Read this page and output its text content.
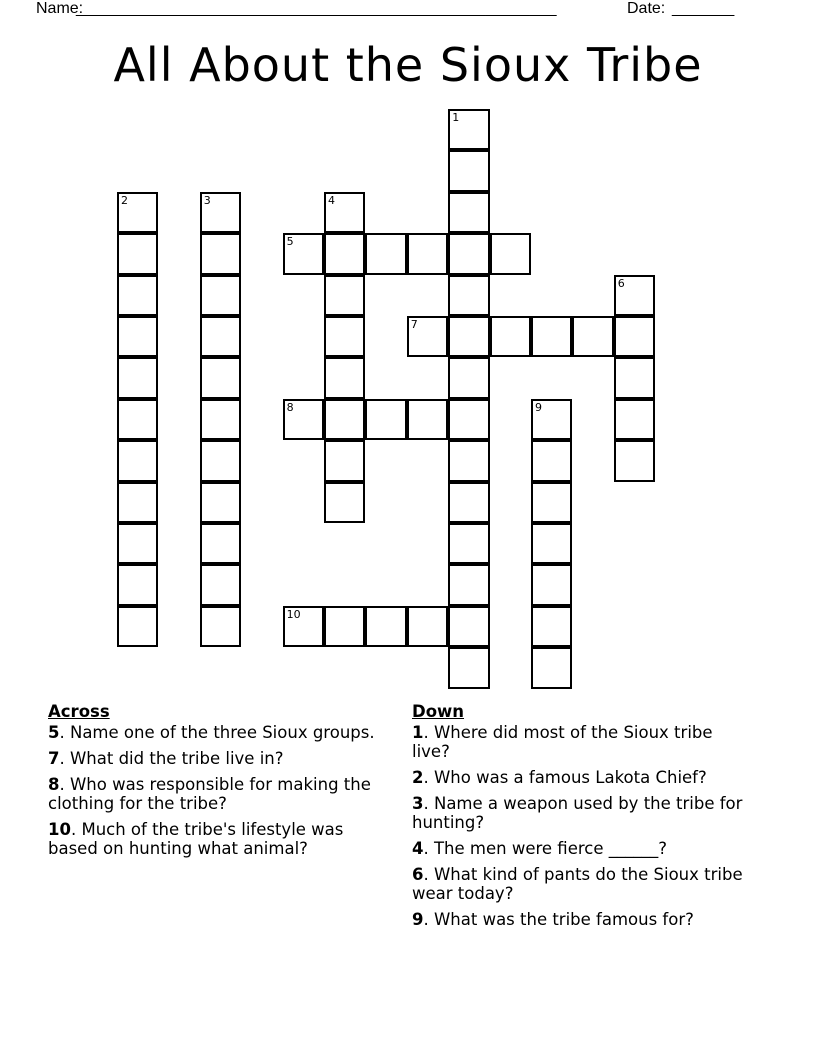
Name:
______________________________________________________	Date: _______
All About the Sioux Tribe
1
2	3	4
5
6
7
8	9
10
Across
5. Name one of the three Sioux groups.
7. What did the tribe live in?
8. Who was responsible for making the clothing for the tribe?
10. Much of the tribe's lifestyle was based on hunting what animal?
Down
1. Where did most of the Sioux tribe live?
2. Who was a famous Lakota Chief?
3. Name a weapon used by the tribe for hunting?
4. The men were fierce ______?
6. What kind of pants do the Sioux tribe wear today?
9. What was the tribe famous for?
